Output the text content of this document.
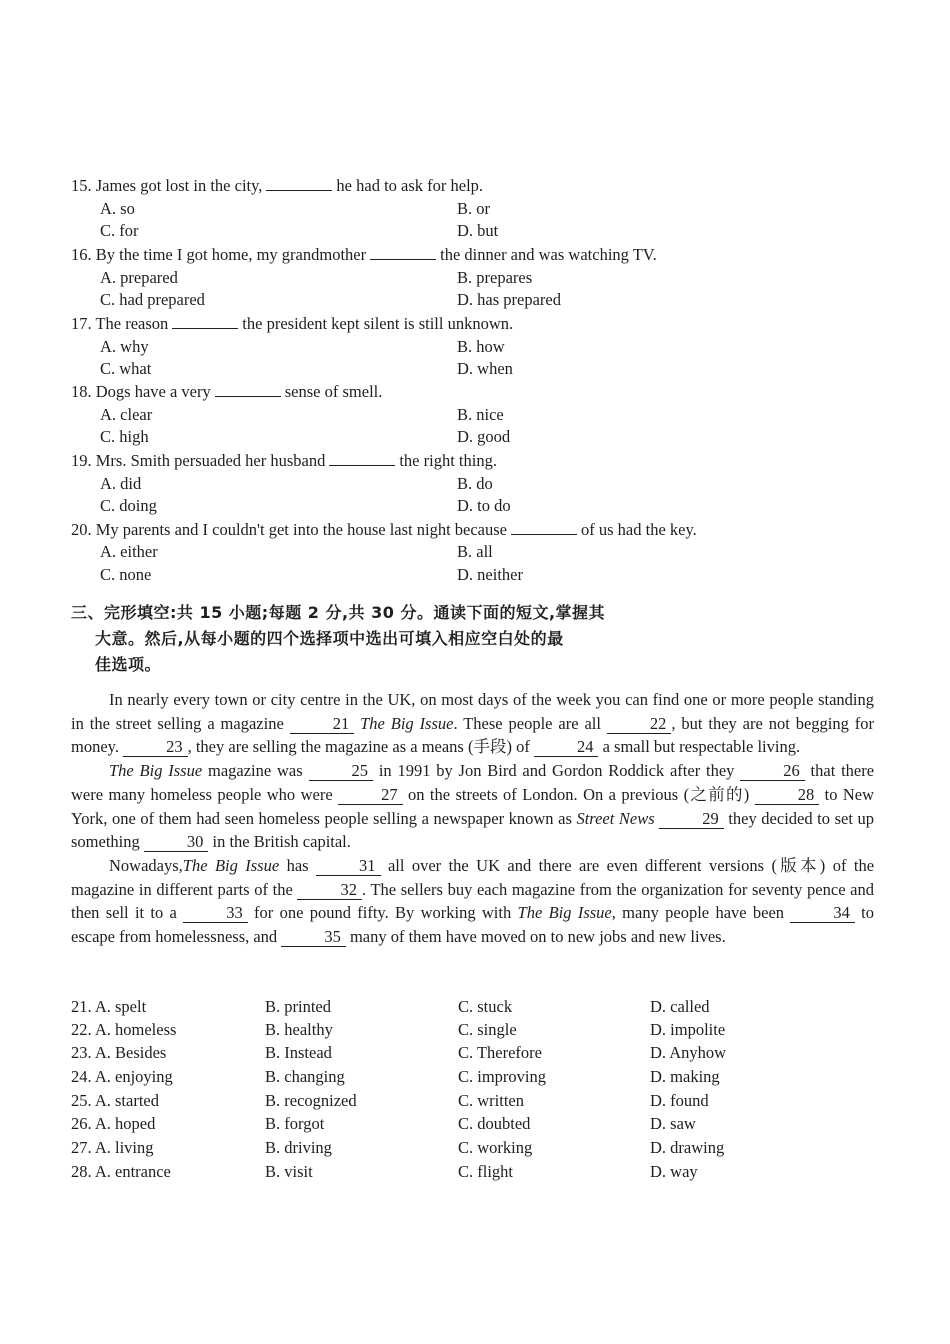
15. James got lost in the city,	he had to ask for help.
A. so	B. or
C. for	D. but
16. By the time I got home, my grandmother	the dinner and was watching TV.
A. prepared	B. prepares
C. had prepared	D. has prepared
17. The reason	the president kept silent is still unknown.
A. why	B. how
C. what	D. when
18. Dogs have a very	sense of smell.
A. clear	B. nice
C. high	D. good
19. Mrs. Smith persuaded her husband	the right thing.
A. did	B. do
C. doing	D. to do
20. My parents and I couldn't get into the house last night because	of us had the key.
A. either	B. all
C. none	D. neither
三、完形填空:共 15 小题;每题 2 分,共 30 分。通读下面的短文,掌握其
大意。然后,从每小题的四个选择项中选出可填入相应空白处的最
佳选项。

In nearly every town or city centre in the UK, on most days of the week you can find one or more people standing in the street selling a magazine	21 The Big Issue. These people are all	22 , but they are not begging for money.	23 , they are selling the magazine as a means (手段) of	24 a small but respectable living.

The Big Issue magazine was	25 in 1991 by Jon Bird and Gordon Roddick after they	26 that there were many homeless people who were	27 on the streets of London. On a previous (之前的)	28 to New York, one of them had seen homeless people selling a newspaper known as Street News	29 they decided to set up something	30 in the British capital.

Nowadays,The Big Issue has	31 all over the UK and there are even different versions (版本) of the magazine in different parts of the	32 . The sellers buy each magazine from the organization for seventy pence and then sell it to a	33 for one pound fifty. By working with The Big Issue, many people have been	34 to escape from homelessness, and	35 many of them have moved on to new jobs and new lives.

21. A. spelt	B. printed	C. stuck	D. called
22. A. homeless	B. healthy	C. single	D. impolite
23. A. Besides	B. Instead	C. Therefore	D. Anyhow
24. A. enjoying	B. changing	C. improving	D. making
25. A. started	B. recognized	C. written	D. found
26. A. hoped	B. forgot	C. doubted	D. saw
27. A. living	B. driving	C. working	D. drawing
28. A. entrance	B. visit	C. flight	D. way
